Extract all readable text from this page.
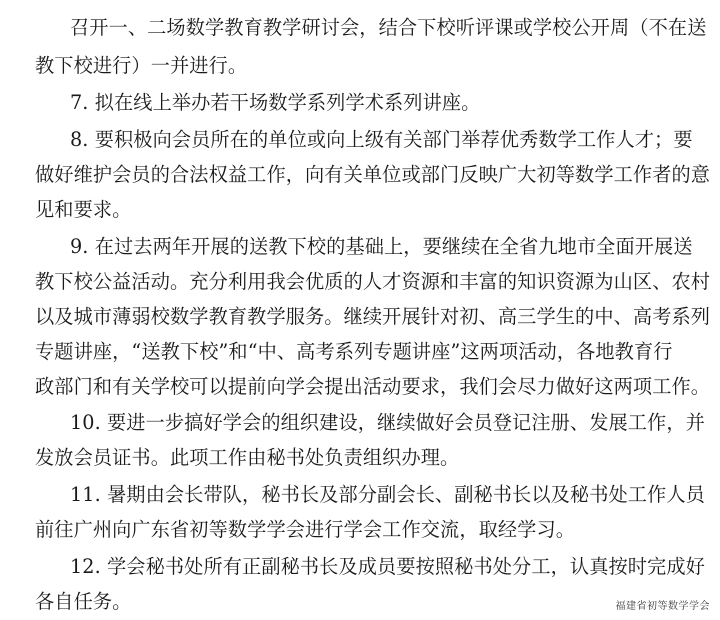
召开一、二场数学教育教学研讨会，结合下校听评课或学校公开周（不在送
教下校进行）一并进行。
7. 拟在线上举办若干场数学系列学术系列讲座。
8. 要积极向会员所在的单位或向上级有关部门举荐优秀数学工作人才；要
做好维护会员的合法权益工作，向有关单位或部门反映广大初等数学工作者的意
见和要求。
9. 在过去两年开展的送教下校的基础上，要继续在全省九地市全面开展送
教下校公益活动。充分利用我会优质的人才资源和丰富的知识资源为山区、农村
以及城市薄弱校数学教育教学服务。继续开展针对初、高三学生的中、高考系列
专题讲座，“送教下校”和“中、高考系列专题讲座”这两项活动，各地教育行
政部门和有关学校可以提前向学会提出活动要求，我们会尽力做好这两项工作。
10. 要进一步搞好学会的组织建设，继续做好会员登记注册、发展工作，并
发放会员证书。此项工作由秘书处负责组织办理。
11. 暑期由会长带队，秘书长及部分副会长、副秘书长以及秘书处工作人员
前往广州向广东省初等数学学会进行学会工作交流，取经学习。
12. 学会秘书处所有正副秘书长及成员要按照秘书处分工，认真按时完成好
各自任务。	福建省初等数学学会
